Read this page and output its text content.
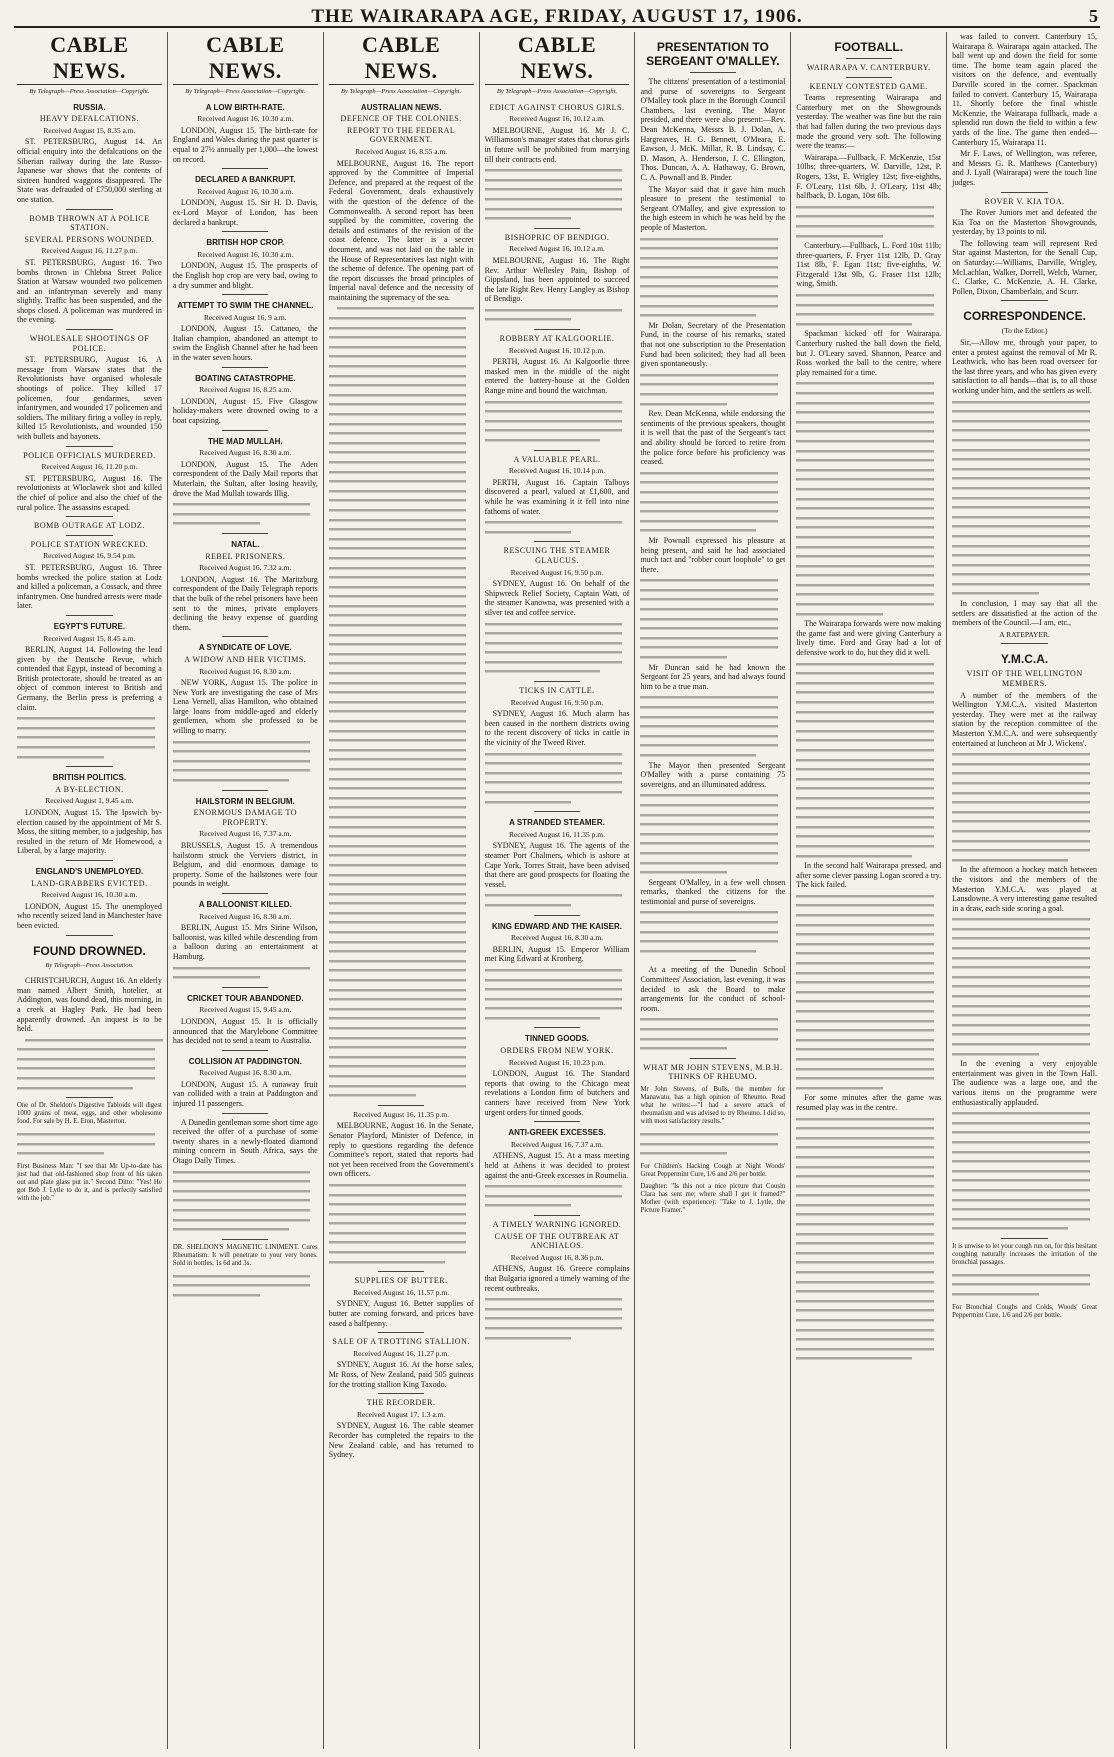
THE WAIRARAPA AGE, FRIDAY, AUGUST 17, 1906.	5
CABLE NEWS.
By Telegraph—Press Association—Copyright.
RUSSIA.
HEAVY DEFALCATIONS.
Received August 15, 8.35 a.m.

ST. PETERSBURG, August 14. An official enquiry into the defalcations on the Siberian railway during the late Russo-Japanese war shows that the contents of sixteen hundred waggons disappeared. The State was defrauded of £750,000 sterling at one station.

BOMB THROWN AT A POLICE STATION.
SEVERAL PERSONS WOUNDED.
Received August 16, 11.27 p.m.

ST. PETERSBURG, August 16. Two bombs thrown in Chlebna Street Police Station at Warsaw wounded two policemen and an infantryman severely and many slightly. Traffic has been suspended, and the shops closed. A policeman was murdered in the evening.

WHOLESALE SHOOTINGS OF POLICE.

ST. PETERSBURG, August 16. A message from Warsaw states that the Revolutionists have organised wholesale shootings of police. They killed 17 policemen, four gendarmes, seven infantrymen, and wounded 17 policemen and soldiers. The military firing a volley in reply, killed 15 Revolutionists, and wounded 150 with bullets and bayonets.

POLICE OFFICIALS MURDERED.
Received August 16, 11.20 p.m.

ST. PETERSBURG, August 16. The revolutionists at Wloclawek shot and killed the chief of police and also the chief of the rural police. The assassins escaped.

BOMB OUTRAGE AT LODZ.
POLICE STATION WRECKED.
Received August 16, 9.54 p.m.

ST. PETERSBURG, August 16. Three bombs wrecked the police station at Lodz and killed a policeman, a Cossack, and three infantrymen. One hundred arrests were made later.

EGYPT'S FUTURE.
Received August 15, 8.45 a.m.

BERLIN, August 14. Following the lead given by the Deutsche Revue, which contended that Egypt, instead of becoming a British protectorate, should be treated as an object of common interest to British and Germany, the Berlin press is preferring a claim.

BRITISH POLITICS.
A BY-ELECTION.
Received August 1, 9.45 a.m.

LONDON, August 15. The Ipswich by-election caused by the appointment of Mr S. Moss, the sitting member, to a judgeship, has resulted in the return of Mr Homewood, a Liberal, by a large majority.

ENGLAND'S UNEMPLOYED.
LAND-GRABBERS EVICTED.
Received August 16, 10.30 a.m.

LONDON, August 15. The unemployed who recently seized land in Manchester have been evicted.

FOUND DROWNED.
By Telegraph—Press Association.

CHRISTCHURCH, August 16. An elderly man named Albert Smith, hotelier, at Addington, was found dead, this morning, in a creek at Hagley Park. He had been apparently drowned. An inquest is to be held.

One of Dr. Sheldon's Digestive Tabloids will digest 1000 grains of meat, eggs, and other wholesome food. For sale by H. E. Eton, Masterton.

First Business Man: "I see that Mr Up-to-date has just had that old-fashioned shop front of his taken out and plate glass put in." Second Ditto: "Yes! He got Bob J. Lytle to do it, and is perfectly satisfied with the job."

CABLE NEWS.
By Telegraph—Press Association—Copyright.
A LOW BIRTH-RATE.
Received August 16, 10.30 a.m.

LONDON, August 15. The birth-rate for England and Wales during the past quarter is equal to 27½ annually per 1,000—the lowest on record.

DECLARED A BANKRUPT.
Received August 16, 10.30 a.m.

LONDON, August 15. Sir H. D. Davis, ex-Lord Mayor of London, has been declared a bankrupt.

BRITISH HOP CROP.
Received August 16, 10.30 a.m.

LONDON, August 15. The prospects of the English hop crop are very bad, owing to a dry summer and blight.

ATTEMPT TO SWIM THE CHANNEL.
Received August 16, 9 a.m.

LONDON, August 15. Cattaneo, the Italian champion, abandoned an attempt to swim the English Channel after he had been in the water seven hours.

BOATING CATASTROPHE.
Received August 16, 8.25 a.m.

LONDON, August 15. Five Glasgow holiday-makers were drowned owing to a boat capsizing.

THE MAD MULLAH.
Received August 16, 8.30 a.m.

LONDON, August 15. The Aden correspondent of the Daily Mail reports that Muterlain, the Sultan, after losing heavily, drove the Mad Mullah towards Illig.

NATAL.
REBEL PRISONERS.
Received August 16, 7.32 a.m.

LONDON, August 16. The Maritzburg correspondent of the Daily Telegraph reports that the bulk of the rebel prisoners have been sent to the mines, private employers declining the heavy expense of guarding them.

A SYNDICATE OF LOVE.
A WIDOW AND HER VICTIMS.
Received August 16, 8.30 a.m.

NEW YORK, August 15. The police in New York are investigating the case of Mrs Lena Vernell, alias Hamilton, who obtained large loans from middle-aged and elderly gentlemen, whom she professed to be willing to marry.

HAILSTORM IN BELGIUM.
ENORMOUS DAMAGE TO PROPERTY.
Received August 16, 7.37 a.m.

BRUSSELS, August 15. A tremendous hailstorm struck the Verviers district, in Belgium, and did enormous damage to property. Some of the hailstones were four pounds in weight.

A BALLOONIST KILLED.
Received August 16, 8.30 a.m.

BERLIN, August 15. Mrs Sirine Wilson, balloonist, was killed while descending from a balloon during an entertainment at Hamburg.

CRICKET TOUR ABANDONED.
Received August 15, 9.45 a.m.

LONDON, August 15. It is officially announced that the Marylebone Committee has decided not to send a team to Australia.

COLLISION AT PADDINGTON.
Received August 16, 8.30 a.m.

LONDON, August 15. A runaway fruit van collided with a train at Paddington and injured 11 passengers.

A Dunedin gentleman some short time ago received the offer of a purchase of some twenty shares in a newly-floated diamond mining concern in South Africa, says the Otago Daily Times.

DR. SHELDON'S MAGNETIC LINIMENT. Cures Rheumatism. It will penetrate to your very bones. Sold in bottles, 1s 6d and 3s.

CABLE NEWS.
By Telegraph—Press Association—Copyright.
AUSTRALIAN NEWS.
DEFENCE OF THE COLONIES.
REPORT TO THE FEDERAL GOVERNMENT.
Received August 16, 8.55 a.m.

MELBOURNE, August 16. The report approved by the Committee of Imperial Defence, and prepared at the request of the Federal Government, deals exhaustively with the question of the defence of the Commonwealth. A second report has been supplied by the committee, covering the details and estimates of the revision of the coast defence. The latter is a secret document, and was not laid on the table in the House of Representatives last night with the scheme of defence. The opening part of the report discusses the broad principles of Imperial naval defence and the necessity of maintaining the supremacy of the sea.

Received August 16, 11.35 p.m.

MELBOURNE, August 16. In the Senate, Senator Playford, Minister of Defence, in reply to questions regarding the defence Committee's report, stated that reports had not yet been received from the Government's own officers.

SUPPLIES OF BUTTER.
Received August 16, 11.57 p.m.

SYDNEY, August 16. Better supplies of butter are coming forward, and prices have eased a halfpenny.

SALE OF A TROTTING STALLION.
Received August 16, 11.27 p.m.

SYDNEY, August 16. At the horse sales, Mr Ross, of New Zealand, paid 505 guineas for the trotting stallion King Taxodo.

THE RECORDER.
Received August 17, 1.3 a.m.

SYDNEY, August 16. The cable steamer Recorder has completed the repairs to the New Zealand cable, and has returned to Sydney.

CABLE NEWS.
By Telegraph—Press Association—Copyright.
EDICT AGAINST CHORUS GIRLS.
Received August 16, 10.12 a.m.

MELBOURNE, August 16. Mr J. C. Williamson's manager states that chorus girls in future will be prohibited from marrying till their contracts end.

BISHOPRIC OF BENDIGO.
Received August 16, 10.12 a.m.

MELBOURNE, August 16. The Right Rev. Arthur Wellesley Pain, Bishop of Gippsland, has been appointed to succeed the late Right Rev. Henry Langley as Bishop of Bendigo.

ROBBERY AT KALGOORLIE.
Received August 16, 10.12 p.m.

PERTH, August 16. At Kalgoorlie three masked men in the middle of the night entered the battery-house at the Golden Range mine and bound the watchman.

A VALUABLE PEARL.
Received August 16, 10.14 p.m.

PERTH, August 16. Captain Talboys discovered a pearl, valued at £1,600, and while he was examining it it fell into nine fathoms of water.

RESCUING THE STEAMER GLAUCUS.
Received August 16, 9.50 p.m.

SYDNEY, August 16. On behalf of the Shipwreck Relief Society, Captain Watt, of the steamer Kanowna, was presented with a silver tea and coffee service.

TICKS IN CATTLE.
Received August 16, 9.50 p.m.

SYDNEY, August 16. Much alarm has been caused in the northern districts owing to the recent discovery of ticks in cattle in the vicinity of the Tweed River.

A STRANDED STEAMER.
Received August 16, 11.35 p.m.

SYDNEY, August 16. The agents of the steamer Port Chalmers, which is ashore at Cape York, Torres Strait, have been advised that there are good prospects for floating the vessel.

KING EDWARD AND THE KAISER.
Received August 16, 8.30 a.m.

BERLIN, August 15. Emperor William met King Edward at Kronberg.

TINNED GOODS.
ORDERS FROM NEW YORK.
Received August 16, 10.23 p.m.

LONDON, August 16. The Standard reports that owing to the Chicago meat revelations a London firm of butchers and canners have received from New York urgent orders for tinned goods.

ANTI-GREEK EXCESSES.
Received August 16, 7.37 a.m.

ATHENS, August 15. At a mass meeting held at Athens it was decided to protest against the anti-Greek excesses in Roumelia.

A TIMELY WARNING IGNORED.
CAUSE OF THE OUTBREAK AT ANCHIALOS.
Received August 16, 8.36 p.m.

ATHENS, August 16. Greece complains that Bulgaria ignored a timely warning of the recent outbreaks.

PRESENTATION TO SERGEANT O'MALLEY.

The citizens' presentation of a testimonial and purse of sovereigns to Sergeant O'Malley took place in the Borough Council Chambers, last evening. The Mayor presided, and there were also present:—Rev. Dean McKenna, Messrs B. J. Dolan, A. Hargreaves, H. G. Bennett, O'Meara, E. Eawson, J. McK. Millar, R. B. Lindsay, C. D. Mason, A. Henderson, J. C. Ellington, Thos. Duncan, A. A. Hathaway, G. Brown, C. A. Pownall and B. Pinder.

The Mayor said that it gave him much pleasure to present the testimonial to Sergeant O'Malley, and give expression to the high esteem in which he was held by the people of Masterton.

Mr Dolan, Secretary of the Presentation Fund, in the course of his remarks, stated that not one subscription to the Presentation Fund had been solicited; they had all been given spontaneously.

Rev. Dean McKenna, while endorsing the sentiments of the previous speakers, thought it is well that the past of the Sergeant's tact and ability should be forced to retire from the police force before his proficiency was ceased.

Mr Pownall expressed his pleasure at being present, and said he had associated much tact and "robber court loophole" to get there.

Mr Duncan said he had known the Sergeant for 25 years, and had always found him to be a true man.

The Mayor then presented Sergeant O'Malley with a purse containing 75 sovereigns, and an illuminated address.

Sergeant O'Malley, in a few well chosen remarks, thanked the citizens for the testimonial and purse of sovereigns.

At a meeting of the Dunedin School Committees' Association, last evening, it was decided to ask the Board to make arrangements for the conduct of school-room.

WHAT MR JOHN STEVENS, M.B.H. THINKS OF RHEUMO.

Mr John Stevens, of Bulls, the member for Manawatu, has a high opinion of Rheumo. Read what he writes:—"I had a severe attack of rheumatism and was advised to try Rheumo. I did so, with most satisfactory results."

For Children's Hacking Cough at Night Woods' Great Peppermint Cure, 1/6 and 2/6 per bottle.

Daughter: "Is this not a nice picture that Cousin Clara has sent me; where shall I get it framed?" Mother (with experience): "Take to J. Lytle, the Picture Framer."

FOOTBALL.
WAIRARAPA V. CANTERBURY.
KEENLY CONTESTED GAME.

Teams representing Wairarapa and Canterbury met on the Showgrounds yesterday. The weather was fine but the rain that had fallen during the two previous days made the ground very soft. The following were the teams:—

Wairarapa.—Fullback, F. McKenzie, 15st 10lbs; three-quarters, W. Darville, 12st, P. Rogers, 13st, E. Wrigley 12st; five-eighths, F. O'Leary, 11st 6lb, J. O'Leary, 11st 4lb; halfback, D. Logan, 10st 6lb.

Canterbury.—Fullback, L. Ford 10st 11lb; three-quarters, F. Fryer 11st 12lb, D. Gray 11st 8lb, F. Egan 11st; five-eighths, W. Fitzgerald 13st 9lb, G. Fraser 11st 12lb; wing, Smith.

Spackman kicked off for Wairarapa. Canterbury rushed the ball down the field, but J. O'Leary saved. Shannon, Pearce and Ross worked the ball to the centre, where play remained for a time.

The Wairarapa forwards were now making the game fast and were giving Canterbury a lively time. Ford and Gray had a lot of defensive work to do, but they did it well.

In the second half Wairarapa pressed, and after some clever passing Logan scored a try. The kick failed.

For some minutes after the game was resumed play was in the centre.

was failed to convert. Canterbury 15, Wairarapa 8. Wairarapa again attacked. The ball went up and down the field for some time. The home team again placed the visitors on the defence, and eventually Darville scored in the corner. Spackman failed to convert. Canterbury 15, Wairarapa 11. Shortly before the final whistle McKenzie, the Wairarapa fullback, made a splendid run down the field to within a few yards of the line. The game then ended—Canterbury 15, Wairarapa 11.

Mr F. Laws, of Wellington, was referee, and Messrs G. R. Matthews (Canterbury) and J. Lyall (Wairarapa) were the touch line judges.

ROVER V. KIA TOA.

The Rover Juniors met and defeated the Kia Toa on the Masterton Showgrounds, yesterday, by 13 points to nil.

The following team will represent Red Star against Masterton, for the Senall Cup, on Saturday:—Williams, Darville, Wrigley, McLachlan, Walker, Dorrell, Welch, Warner, C. Clarke, C. McKenzie, A. H. Clarke, Pollen, Dixon, Chamberlain, and Scurr.

CORRESPONDENCE.
(To the Editor.)

Sir,—Allow me, through your paper, to enter a protest against the removal of Mr R. Leathwick, who has been road overseer for the last three years, and who has given every satisfaction to all hands—that is, to all those working under him, and the settlers as well.

In conclusion, I may say that all the settlers are dissatisfied at the action of the members of the Council.—I am, etc.,

A RATEPAYER.
Y.M.C.A.
VISIT OF THE WELLINGTON MEMBERS.

A number of the members of the Wellington Y.M.C.A. visited Masterton yesterday. They were met at the railway station by the reception committee of the Masterton Y.M.C.A. and were subsequently entertained at luncheon at Mr J. Wickens'.

In the afternoon a hockey match between the visitors and the members of the Masterton Y.M.C.A. was played at Lansdowne. A very interesting game resulted in a draw, each side scoring a goal.

In the evening a very enjoyable entertainment was given in the Town Hall. The audience was a large one, and the various items on the programme were enthusiastically applauded.

It is unwise to let your cough run on, for this hesitant coughing naturally increases the irritation of the bronchial passages.

For Bronchial Coughs and Colds, Woods' Great Peppermint Cure, 1/6 and 2/6 per bottle.
